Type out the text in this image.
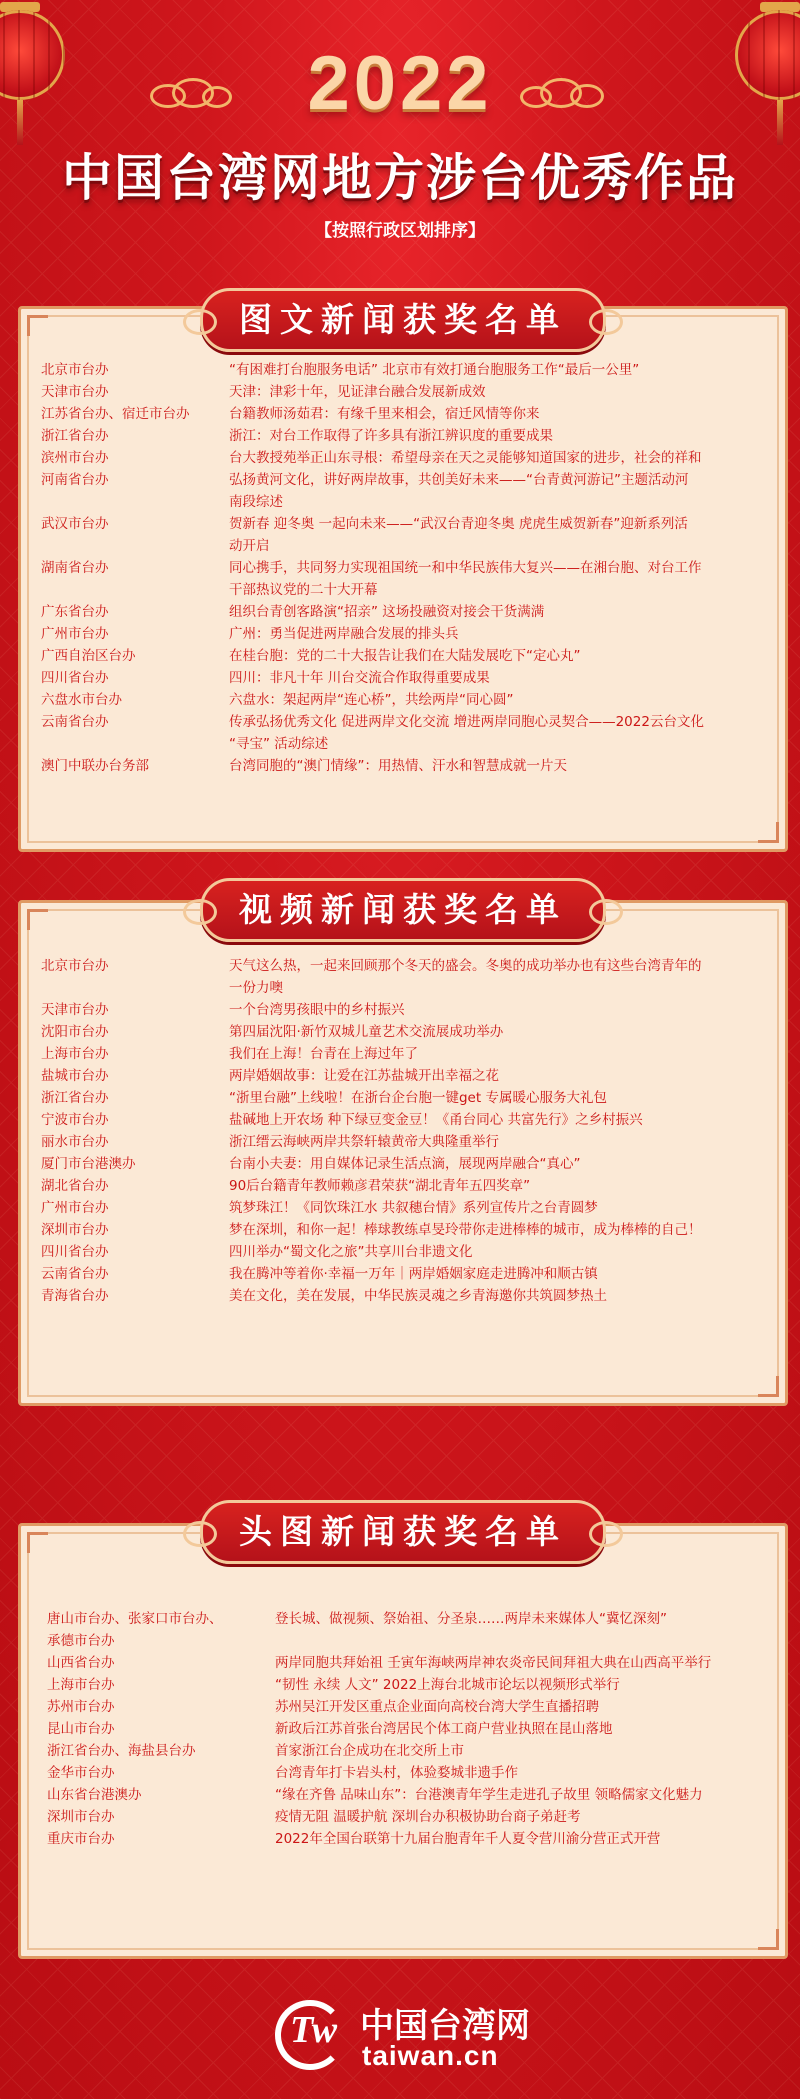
2022
中国台湾网地方涉台优秀作品
【按照行政区划排序】
北京市台办	“有困难打台胞服务电话” 北京市有效打通台胞服务工作“最后一公里”
天津市台办	天津：津彩十年，见证津台融合发展新成效
江苏省台办、宿迁市台办	台籍教师汤茹君：有缘千里来相会，宿迁风情等你来
浙江省台办	浙江：对台工作取得了许多具有浙江辨识度的重要成果
滨州市台办	台大教授苑举正山东寻根：希望母亲在天之灵能够知道国家的进步，社会的祥和
河南省台办	弘扬黄河文化，讲好两岸故事，共创美好未来——“台青黄河游记”主题活动河
南段综述
武汉市台办	贺新春 迎冬奥 一起向未来——“武汉台青迎冬奥 虎虎生威贺新春”迎新系列活
动开启
湖南省台办	同心携手，共同努力实现祖国统一和中华民族伟大复兴——在湘台胞、对台工作
干部热议党的二十大开幕
广东省台办	组织台青创客路演“招亲” 这场投融资对接会干货满满
广州市台办	广州：勇当促进两岸融合发展的排头兵
广西自治区台办	在桂台胞：党的二十大报告让我们在大陆发展吃下“定心丸”
四川省台办	四川：非凡十年 川台交流合作取得重要成果
六盘水市台办	六盘水：架起两岸“连心桥”，共绘两岸“同心圆”
云南省台办	传承弘扬优秀文化 促进两岸文化交流 增进两岸同胞心灵契合——2022云台文化
“寻宝” 活动综述
澳门中联办台务部	台湾同胞的“澳门情缘”：用热情、汗水和智慧成就一片天
图文新闻获奖名单
北京市台办	天气这么热，一起来回顾那个冬天的盛会。冬奥的成功举办也有这些台湾青年的
一份力噢
天津市台办	一个台湾男孩眼中的乡村振兴
沈阳市台办	第四届沈阳·新竹双城儿童艺术交流展成功举办
上海市台办	我们在上海！台青在上海过年了
盐城市台办	两岸婚姻故事：让爱在江苏盐城开出幸福之花
浙江省台办	“浙里台融”上线啦！在浙台企台胞一键get 专属暖心服务大礼包
宁波市台办	盐碱地上开农场 种下绿豆变金豆！《甬台同心 共富先行》之乡村振兴
丽水市台办	浙江缙云海峡两岸共祭轩辕黄帝大典隆重举行
厦门市台港澳办	台南小夫妻：用自媒体记录生活点滴，展现两岸融合“真心”
湖北省台办	90后台籍青年教师赖彦君荣获“湖北青年五四奖章”
广州市台办	筑梦珠江！《同饮珠江水 共叙穗台情》系列宣传片之台青圆梦
深圳市台办	梦在深圳，和你一起！棒球教练卓旻玲带你走进棒棒的城市，成为棒棒的自己！
四川省台办	四川举办“蜀文化之旅”共享川台非遗文化
云南省台办	我在腾冲等着你·幸福一万年｜两岸婚姻家庭走进腾冲和顺古镇
青海省台办	美在文化，美在发展，中华民族灵魂之乡青海邀你共筑圆梦热土
视频新闻获奖名单
唐山市台办、张家口市台办、	登长城、做视频、祭始祖、分圣泉……两岸未来媒体人“冀忆深刻”
承德市台办
山西省台办	两岸同胞共拜始祖 壬寅年海峡两岸神农炎帝民间拜祖大典在山西高平举行
上海市台办	“韧性 永续 人文” 2022上海台北城市论坛以视频形式举行
苏州市台办	苏州吴江开发区重点企业面向高校台湾大学生直播招聘
昆山市台办	新政后江苏首张台湾居民个体工商户营业执照在昆山落地
浙江省台办、海盐县台办	首家浙江台企成功在北交所上市
金华市台办	台湾青年打卡岩头村，体验婺城非遗手作
山东省台港澳办	“缘在齐鲁 品味山东”：台港澳青年学生走进孔子故里 领略儒家文化魅力
深圳市台办	疫情无阻 温暖护航 深圳台办积极协助台商子弟赶考
重庆市台办	2022年全国台联第十九届台胞青年千人夏令营川渝分营正式开营
头图新闻获奖名单
Tw 中国台湾网
taiwan.cn
